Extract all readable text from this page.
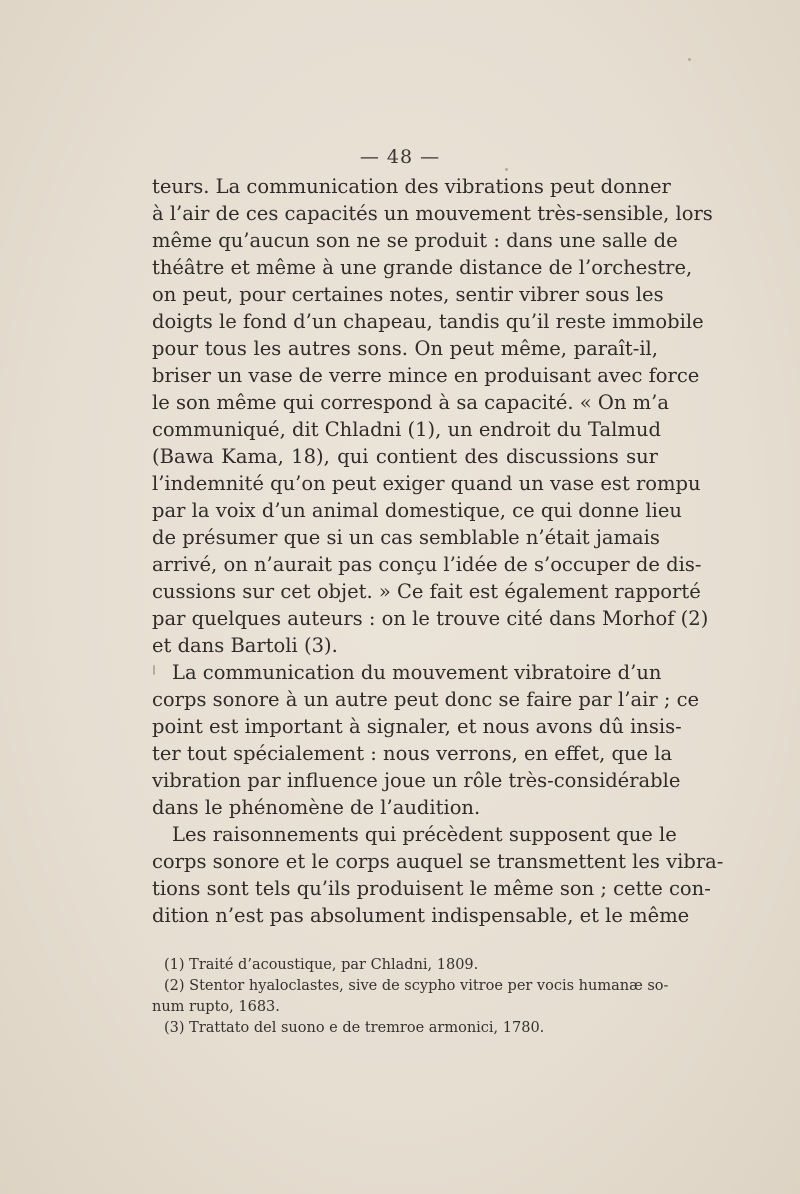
— 48 —
teurs. La communication des vibrations peut donner
à l’air de ces capacités un mouvement très-sensible, lors
même qu’aucun son ne se produit : dans une salle de
théâtre et même à une grande distance de l’orchestre,
on peut, pour certaines notes, sentir vibrer sous les
doigts le fond d’un chapeau, tandis qu’il reste immobile
pour tous les autres sons. On peut même, paraît-il,
briser un vase de verre mince en produisant avec force
le son même qui correspond à sa capacité. « On m’a
communiqué, dit Chladni (1), un endroit du Talmud
(Bawa Kama, 18), qui contient des discussions sur
l’indemnité qu’on peut exiger quand un vase est rompu
par la voix d’un animal domestique, ce qui donne lieu
de présumer que si un cas semblable n’était jamais
arrivé, on n’aurait pas conçu l’idée de s’occuper de dis-
cussions sur cet objet. » Ce fait est également rapporté
par quelques auteurs : on le trouve cité dans Morhof (2)
et dans Bartoli (3).
La communication du mouvement vibratoire d’un
corps sonore à un autre peut donc se faire par l’air ; ce
point est important à signaler, et nous avons dû insis-
ter tout spécialement : nous verrons, en effet, que la
vibration par influence joue un rôle très-considérable
dans le phénomène de l’audition.
Les raisonnements qui précèdent supposent que le
corps sonore et le corps auquel se transmettent les vibra-
tions sont tels qu’ils produisent le même son ; cette con-
dition n’est pas absolument indispensable, et le même
(1) Traité d’acoustique, par Chladni, 1809.
(2) Stentor hyaloclastes, sive de scypho vitroe per vocis humanæ so-
num rupto, 1683.
(3) Trattato del suono e de tremroe armonici, 1780.
